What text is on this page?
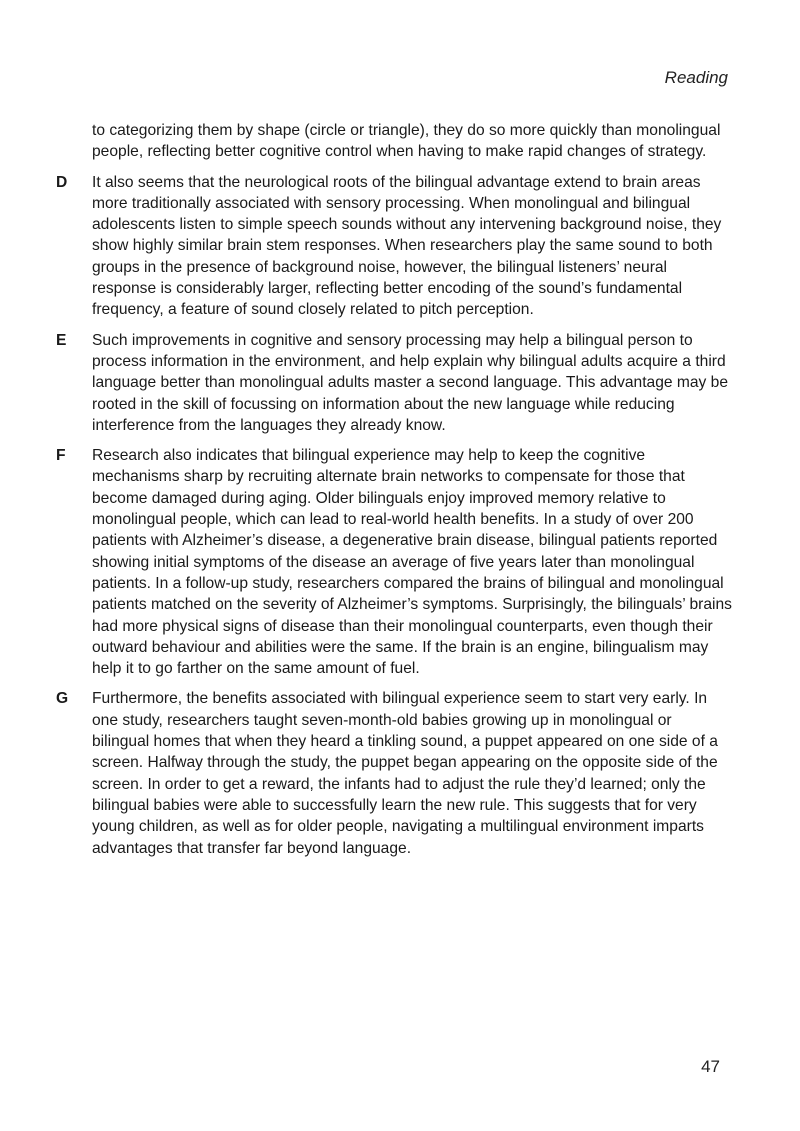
Reading
to categorizing them by shape (circle or triangle), they do so more quickly than monolingual people, reflecting better cognitive control when having to make rapid changes of strategy.
D It also seems that the neurological roots of the bilingual advantage extend to brain areas more traditionally associated with sensory processing. When monolingual and bilingual adolescents listen to simple speech sounds without any intervening background noise, they show highly similar brain stem responses. When researchers play the same sound to both groups in the presence of background noise, however, the bilingual listeners’ neural response is considerably larger, reflecting better encoding of the sound’s fundamental frequency, a feature of sound closely related to pitch perception.
E Such improvements in cognitive and sensory processing may help a bilingual person to process information in the environment, and help explain why bilingual adults acquire a third language better than monolingual adults master a second language. This advantage may be rooted in the skill of focussing on information about the new language while reducing interference from the languages they already know.
F Research also indicates that bilingual experience may help to keep the cognitive mechanisms sharp by recruiting alternate brain networks to compensate for those that become damaged during aging. Older bilinguals enjoy improved memory relative to monolingual people, which can lead to real-world health benefits. In a study of over 200 patients with Alzheimer’s disease, a degenerative brain disease, bilingual patients reported showing initial symptoms of the disease an average of five years later than monolingual patients. In a follow-up study, researchers compared the brains of bilingual and monolingual patients matched on the severity of Alzheimer’s symptoms. Surprisingly, the bilinguals’ brains had more physical signs of disease than their monolingual counterparts, even though their outward behaviour and abilities were the same. If the brain is an engine, bilingualism may help it to go farther on the same amount of fuel.
G Furthermore, the benefits associated with bilingual experience seem to start very early. In one study, researchers taught seven-month-old babies growing up in monolingual or bilingual homes that when they heard a tinkling sound, a puppet appeared on one side of a screen. Halfway through the study, the puppet began appearing on the opposite side of the screen. In order to get a reward, the infants had to adjust the rule they’d learned; only the bilingual babies were able to successfully learn the new rule. This suggests that for very young children, as well as for older people, navigating a multilingual environment imparts advantages that transfer far beyond language.
47
